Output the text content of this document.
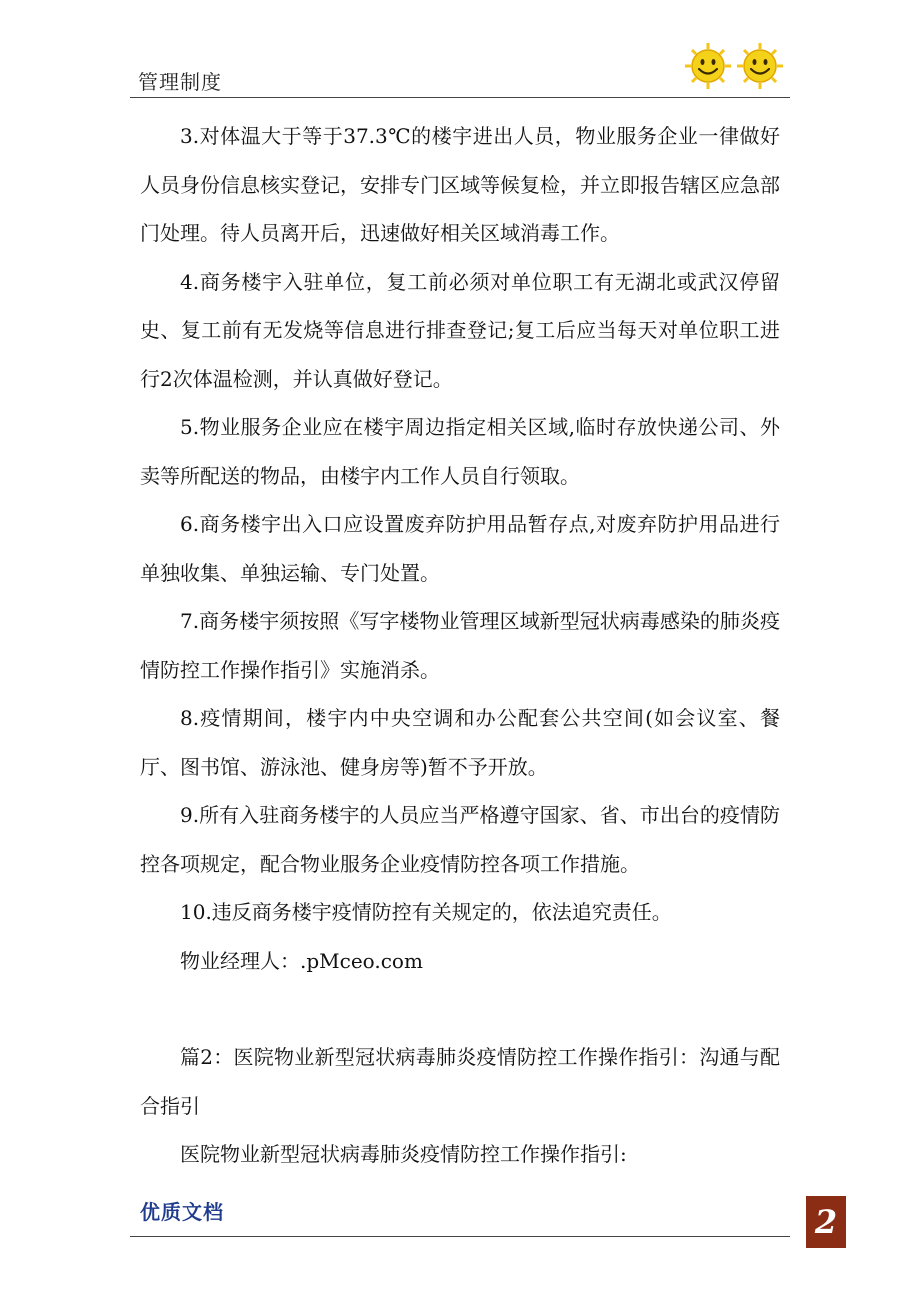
管理制度

3.对体温大于等于37.3℃的楼宇进出人员，物业服务企业一律做好人员身份信息核实登记，安排专门区域等候复检，并立即报告辖区应急部门处理。待人员离开后，迅速做好相关区域消毒工作。

4.商务楼宇入驻单位，复工前必须对单位职工有无湖北或武汉停留史、复工前有无发烧等信息进行排查登记;复工后应当每天对单位职工进行2次体温检测，并认真做好登记。

5.物业服务企业应在楼宇周边指定相关区域,临时存放快递公司、外卖等所配送的物品，由楼宇内工作人员自行领取。

6.商务楼宇出入口应设置废弃防护用品暂存点,对废弃防护用品进行单独收集、单独运输、专门处置。

7.商务楼宇须按照《写字楼物业管理区域新型冠状病毒感染的肺炎疫情防控工作操作指引》实施消杀。

8.疫情期间，楼宇内中央空调和办公配套公共空间(如会议室、餐厅、图书馆、游泳池、健身房等)暂不予开放。

9.所有入驻商务楼宇的人员应当严格遵守国家、省、市出台的疫情防控各项规定，配合物业服务企业疫情防控各项工作措施。

10.违反商务楼宇疫情防控有关规定的，依法追究责任。

物业经理人：.pMceo.com

篇2：医院物业新型冠状病毒肺炎疫情防控工作操作指引：沟通与配合指引

医院物业新型冠状病毒肺炎疫情防控工作操作指引:

优质文档	2
